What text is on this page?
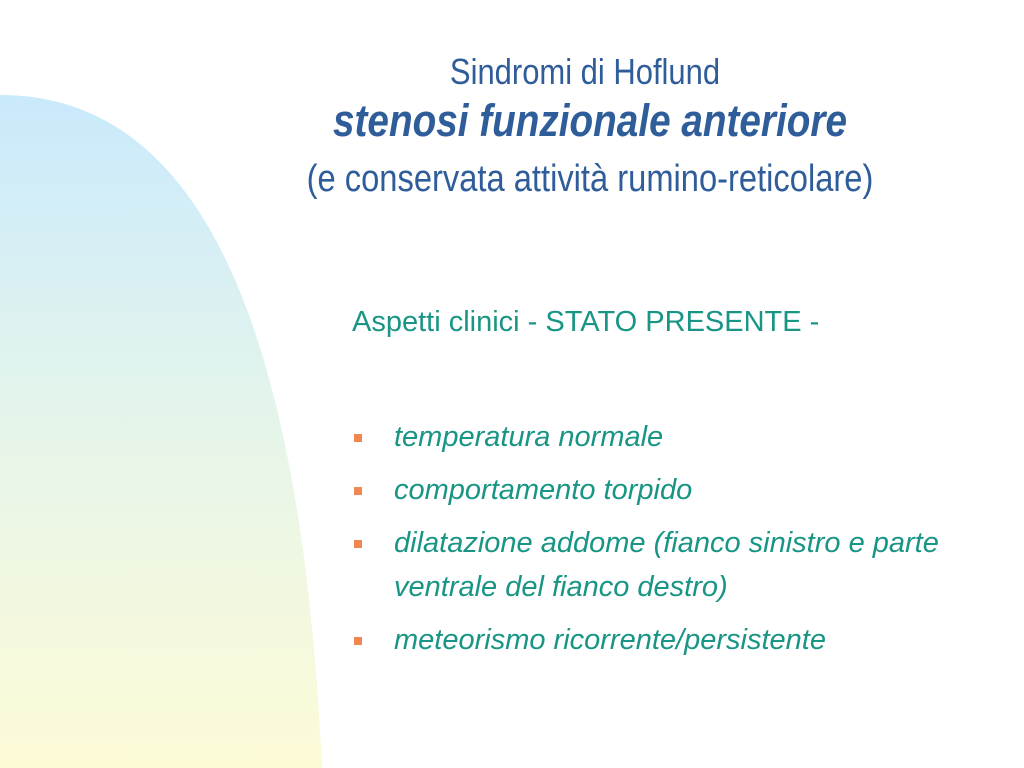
Sindromi di Hoflund
stenosi funzionale anteriore
(e conservata attività rumino-reticolare)
Aspetti clinici - STATO PRESENTE -
temperatura normale
comportamento torpido
dilatazione addome (fianco sinistro e parte ventrale del fianco destro)
meteorismo ricorrente/persistente
